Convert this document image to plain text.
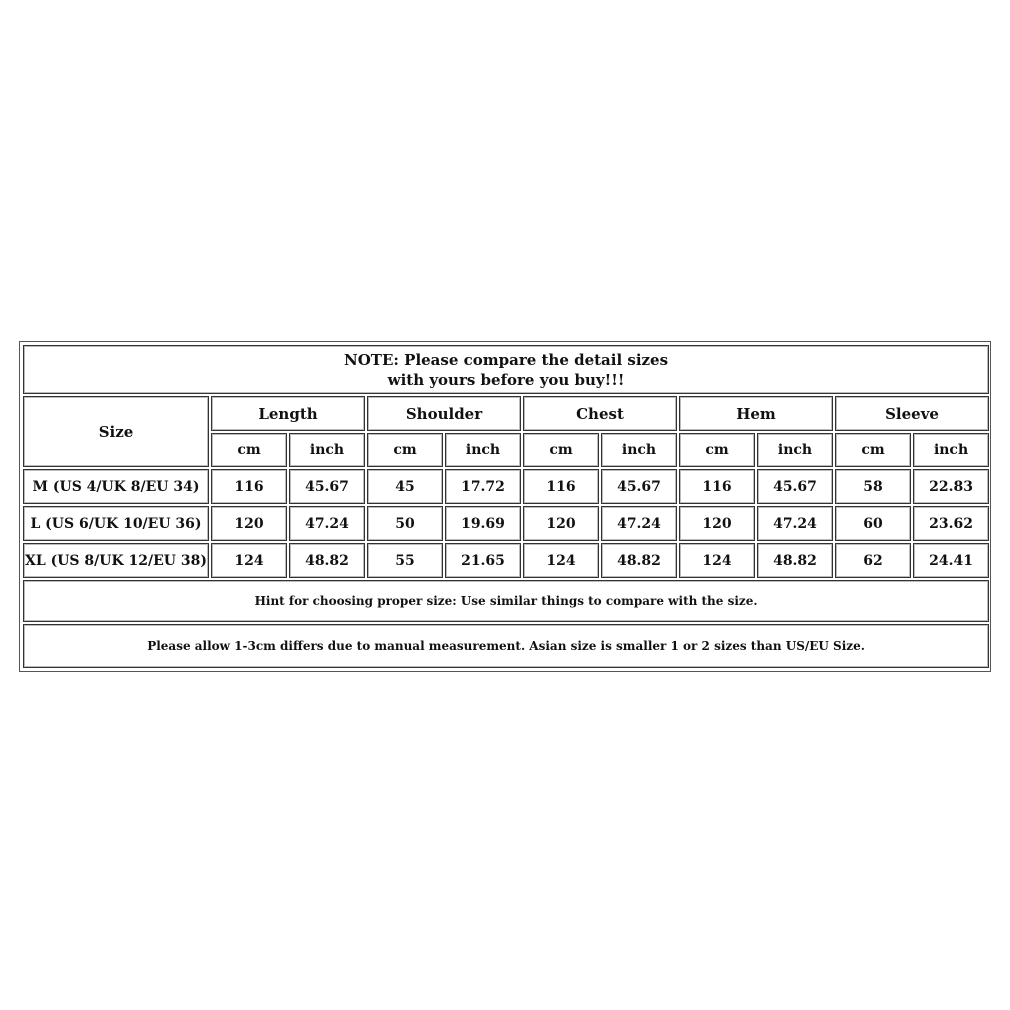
NOTE: Please compare the detail sizes
with yours before you buy!!!										

Size	Length		Shoulder		Chest		Hem		Sleeve	
	cm	inch	cm	inch	cm	inch	cm	inch	cm	inch
M (US 4/UK 8/EU 34)	116	45.67	45	17.72	116	45.67	116	45.67	58	22.83
L (US 6/UK 10/EU 36)	120	47.24	50	19.69	120	47.24	120	47.24	60	23.62
XL (US 8/UK 12/EU 38)	124	48.82	55	21.65	124	48.82	124	48.82	62	24.41
Hint for choosing proper size: Use similar things to compare with the size.										
Please allow 1-3cm differs due to manual measurement. Asian size is smaller 1 or 2 sizes than US/EU Size.										
